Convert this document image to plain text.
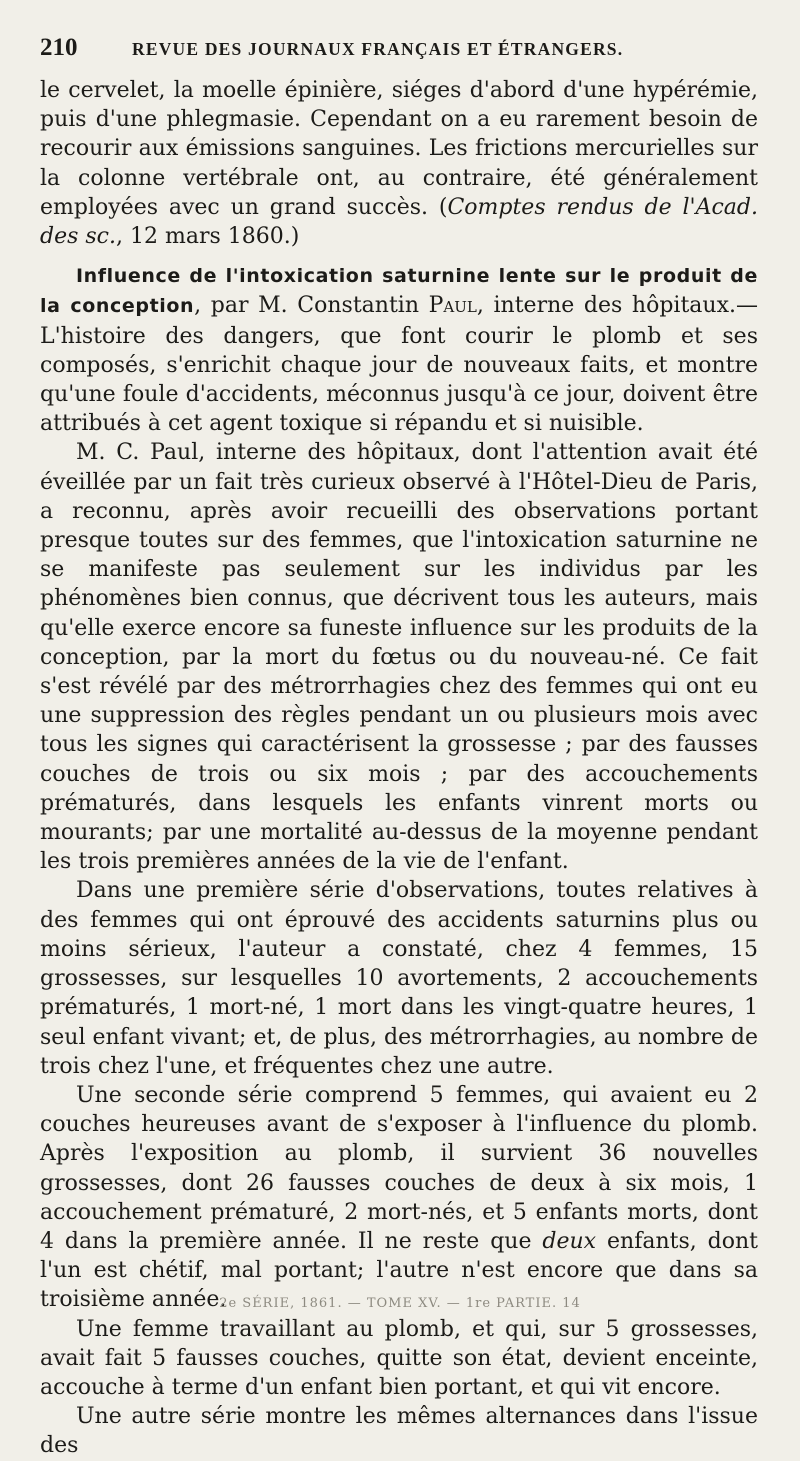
210	REVUE DES JOURNAUX FRANÇAIS ET ÉTRANGERS.

le cervelet, la moelle épinière, siéges d'abord d'une hypérémie, puis d'une phlegmasie. Cependant on a eu rarement besoin de recourir aux émissions sanguines. Les frictions mercurielles sur la colonne vertébrale ont, au contraire, été généralement employées avec un grand succès. (Comptes rendus de l'Acad. des sc., 12 mars 1860.)

Influence de l'intoxication saturnine lente sur le produit de la conception, par M. Constantin Paul, interne des hôpitaux.— L'histoire des dangers, que font courir le plomb et ses composés, s'enrichit chaque jour de nouveaux faits, et montre qu'une foule d'accidents, méconnus jusqu'à ce jour, doivent être attribués à cet agent toxique si répandu et si nuisible.

M. C. Paul, interne des hôpitaux, dont l'attention avait été éveillée par un fait très curieux observé à l'Hôtel-Dieu de Paris, a reconnu, après avoir recueilli des observations portant presque toutes sur des femmes, que l'intoxication saturnine ne se manifeste pas seulement sur les individus par les phénomènes bien connus, que décrivent tous les auteurs, mais qu'elle exerce encore sa funeste influence sur les produits de la conception, par la mort du fœtus ou du nouveau-né. Ce fait s'est révélé par des métrorrhagies chez des femmes qui ont eu une suppression des règles pendant un ou plusieurs mois avec tous les signes qui caractérisent la grossesse ; par des fausses couches de trois ou six mois ; par des accouchements prématurés, dans lesquels les enfants vinrent morts ou mourants; par une mortalité au-dessus de la moyenne pendant les trois premières années de la vie de l'enfant.

Dans une première série d'observations, toutes relatives à des femmes qui ont éprouvé des accidents saturnins plus ou moins sérieux, l'auteur a constaté, chez 4 femmes, 15 grossesses, sur lesquelles 10 avortements, 2 accouchements prématurés, 1 mort-né, 1 mort dans les vingt-quatre heures, 1 seul enfant vivant; et, de plus, des métrorrhagies, au nombre de trois chez l'une, et fréquentes chez une autre.

Une seconde série comprend 5 femmes, qui avaient eu 2 couches heureuses avant de s'exposer à l'influence du plomb. Après l'exposition au plomb, il survient 36 nouvelles grossesses, dont 26 fausses couches de deux à six mois, 1 accouchement prématuré, 2 mort-nés, et 5 enfants morts, dont 4 dans la première année. Il ne reste que deux enfants, dont l'un est chétif, mal portant; l'autre n'est encore que dans sa troisième année.

Une femme travaillant au plomb, et qui, sur 5 grossesses, avait fait 5 fausses couches, quitte son état, devient enceinte, accouche à terme d'un enfant bien portant, et qui vit encore.

Une autre série montre les mêmes alternances dans l'issue des

2e SÉRIE, 1861. — TOME XV. — 1re PARTIE. 14
